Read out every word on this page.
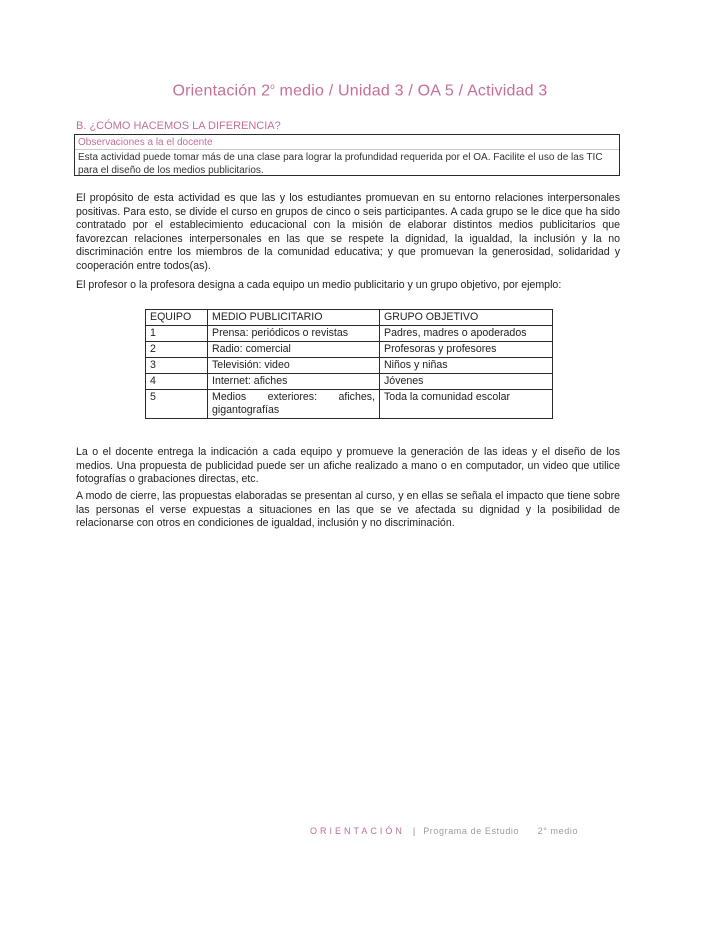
Orientación 2$^o$ medio / Unidad 3 / OA 5 / Actividad 3
B. ¿CÓMO HACEMOS LA DIFERENCIA?
Observaciones a la el docente
Esta actividad puede tomar más de una clase para lograr la profundidad requerida por el OA. Facilite el uso de las TIC para el diseño de los medios publicitarios.
El propósito de esta actividad es que las y los estudiantes promuevan en su entorno relaciones interpersonales positivas. Para esto, se divide el curso en grupos de cinco o seis participantes. A cada grupo se le dice que ha sido contratado por el establecimiento educacional con la misión de elaborar distintos medios publicitarios que favorezcan relaciones interpersonales en las que se respete la dignidad, la igualdad, la inclusión y la no discriminación entre los miembros de la comunidad educativa; y que promuevan la generosidad, solidaridad y cooperación entre todos(as).
El profesor o la profesora designa a cada equipo un medio publicitario y un grupo objetivo, por ejemplo:
EQUIPO	MEDIO PUBLICITARIO	GRUPO OBJETIVO
1	Prensa: periódicos o revistas	Padres, madres o apoderados
2	Radio: comercial	Profesoras y profesores
3	Televisión: video	Niños y niñas
4	Internet: afiches	Jóvenes
5	Medios exteriores: afiches, gigantografías	Toda la comunidad escolar
La o el docente entrega la indicación a cada equipo y promueve la generación de las ideas y el diseño de los medios. Una propuesta de publicidad puede ser un afiche realizado a mano o en computador, un video que utilice fotografías o grabaciones directas, etc.
A modo de cierre, las propuestas elaboradas se presentan al curso, y en ellas se señala el impacto que tiene sobre las personas el verse expuestas a situaciones en las que se ve afectada su dignidad y la posibilidad de relacionarse con otros en condiciones de igualdad, inclusión y no discriminación.
ORIENTACIÓN | Programa de Estudio 2° medio
